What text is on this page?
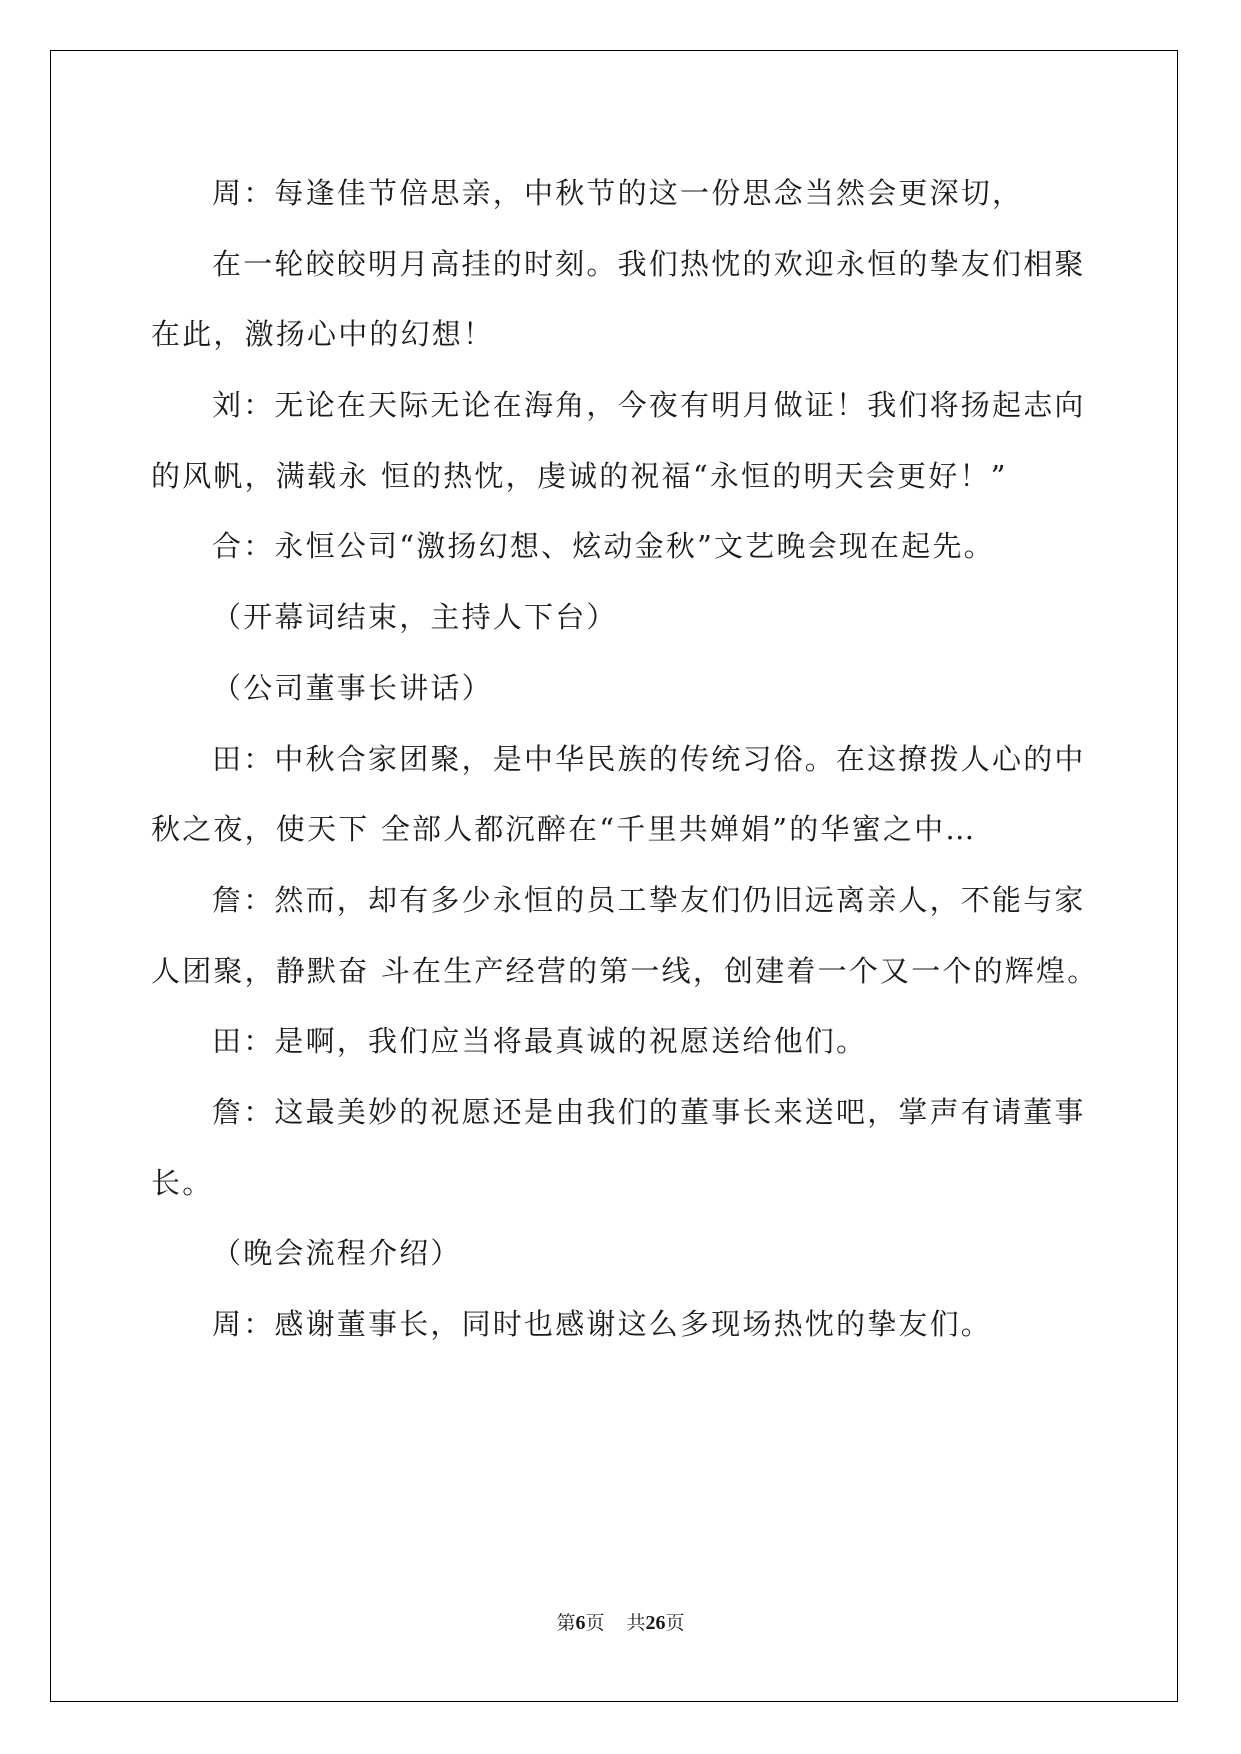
周：每逢佳节倍思亲，中秋节的这一份思念当然会更深切，

在一轮皎皎明月高挂的时刻。我们热忱的欢迎永恒的挚友们相聚

在此，激扬心中的幻想！

刘：无论在天际无论在海角，今夜有明月做证！我们将扬起志向

的风帆，满载永 恒的热忱，虔诚的祝福“永恒的明天会更好！”

合：永恒公司“激扬幻想、炫动金秋”文艺晚会现在起先。

（开幕词结束，主持人下台）

（公司董事长讲话）

田：中秋合家团聚，是中华民族的传统习俗。在这撩拨人心的中

秋之夜，使天下 全部人都沉醉在“千里共婵娟”的华蜜之中…

詹：然而，却有多少永恒的员工挚友们仍旧远离亲人，不能与家

人团聚，静默奋 斗在生产经营的第一线，创建着一个又一个的辉煌。

田：是啊，我们应当将最真诚的祝愿送给他们。

詹：这最美妙的祝愿还是由我们的董事长来送吧，掌声有请董事

长。

（晚会流程介绍）

周：感谢董事长，同时也感谢这么多现场热忱的挚友们。

第6页 共26页
